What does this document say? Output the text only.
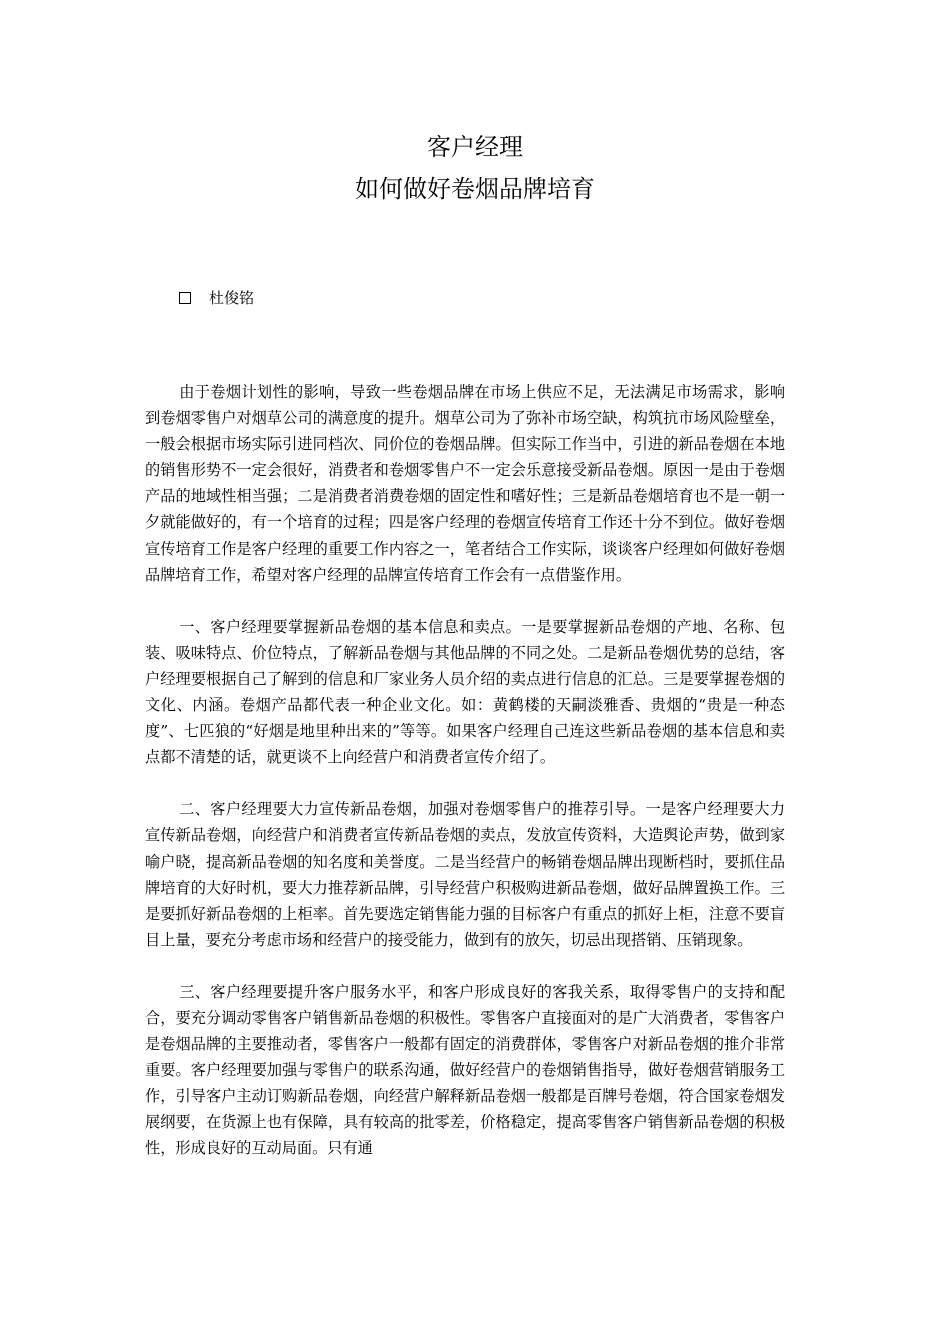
客户经理
如何做好卷烟品牌培育
杜俊铭

由于卷烟计划性的影响，导致一些卷烟品牌在市场上供应不足，无法满足市场需求，影响到卷烟零售户对烟草公司的满意度的提升。烟草公司为了弥补市场空缺，构筑抗市场风险壁垒，一般会根据市场实际引进同档次、同价位的卷烟品牌。但实际工作当中，引进的新品卷烟在本地的销售形势不一定会很好，消费者和卷烟零售户不一定会乐意接受新品卷烟。原因一是由于卷烟产品的地域性相当强；二是消费者消费卷烟的固定性和嗜好性；三是新品卷烟培育也不是一朝一夕就能做好的，有一个培育的过程；四是客户经理的卷烟宣传培育工作还十分不到位。做好卷烟宣传培育工作是客户经理的重要工作内容之一，笔者结合工作实际，谈谈客户经理如何做好卷烟品牌培育工作，希望对客户经理的品牌宣传培育工作会有一点借鉴作用。

一、客户经理要掌握新品卷烟的基本信息和卖点。一是要掌握新品卷烟的产地、名称、包装、吸味特点、价位特点，了解新品卷烟与其他品牌的不同之处。二是新品卷烟优势的总结，客户经理要根据自己了解到的信息和厂家业务人员介绍的卖点进行信息的汇总。三是要掌握卷烟的文化、内涵。卷烟产品都代表一种企业文化。如：黄鹤楼的天嗣淡雅香、贵烟的“贵是一种态度”、七匹狼的“好烟是地里种出来的”等等。如果客户经理自己连这些新品卷烟的基本信息和卖点都不清楚的话，就更谈不上向经营户和消费者宣传介绍了。

二、客户经理要大力宣传新品卷烟，加强对卷烟零售户的推荐引导。一是客户经理要大力宣传新品卷烟，向经营户和消费者宣传新品卷烟的卖点，发放宣传资料，大造舆论声势，做到家喻户晓，提高新品卷烟的知名度和美誉度。二是当经营户的畅销卷烟品牌出现断档时，要抓住品牌培育的大好时机，要大力推荐新品牌，引导经营户积极购进新品卷烟，做好品牌置换工作。三是要抓好新品卷烟的上柜率。首先要选定销售能力强的目标客户有重点的抓好上柜，注意不要盲目上量，要充分考虑市场和经营户的接受能力，做到有的放矢，切忌出现搭销、压销现象。

三、客户经理要提升客户服务水平，和客户形成良好的客我关系，取得零售户的支持和配合，要充分调动零售客户销售新品卷烟的积极性。零售客户直接面对的是广大消费者，零售客户是卷烟品牌的主要推动者，零售客户一般都有固定的消费群体，零售客户对新品卷烟的推介非常重要。客户经理要加强与零售户的联系沟通，做好经营户的卷烟销售指导，做好卷烟营销服务工作，引导客户主动订购新品卷烟，向经营户解释新品卷烟一般都是百牌号卷烟，符合国家卷烟发展纲要，在货源上也有保障，具有较高的批零差，价格稳定，提高零售客户销售新品卷烟的积极性，形成良好的互动局面。只有通
